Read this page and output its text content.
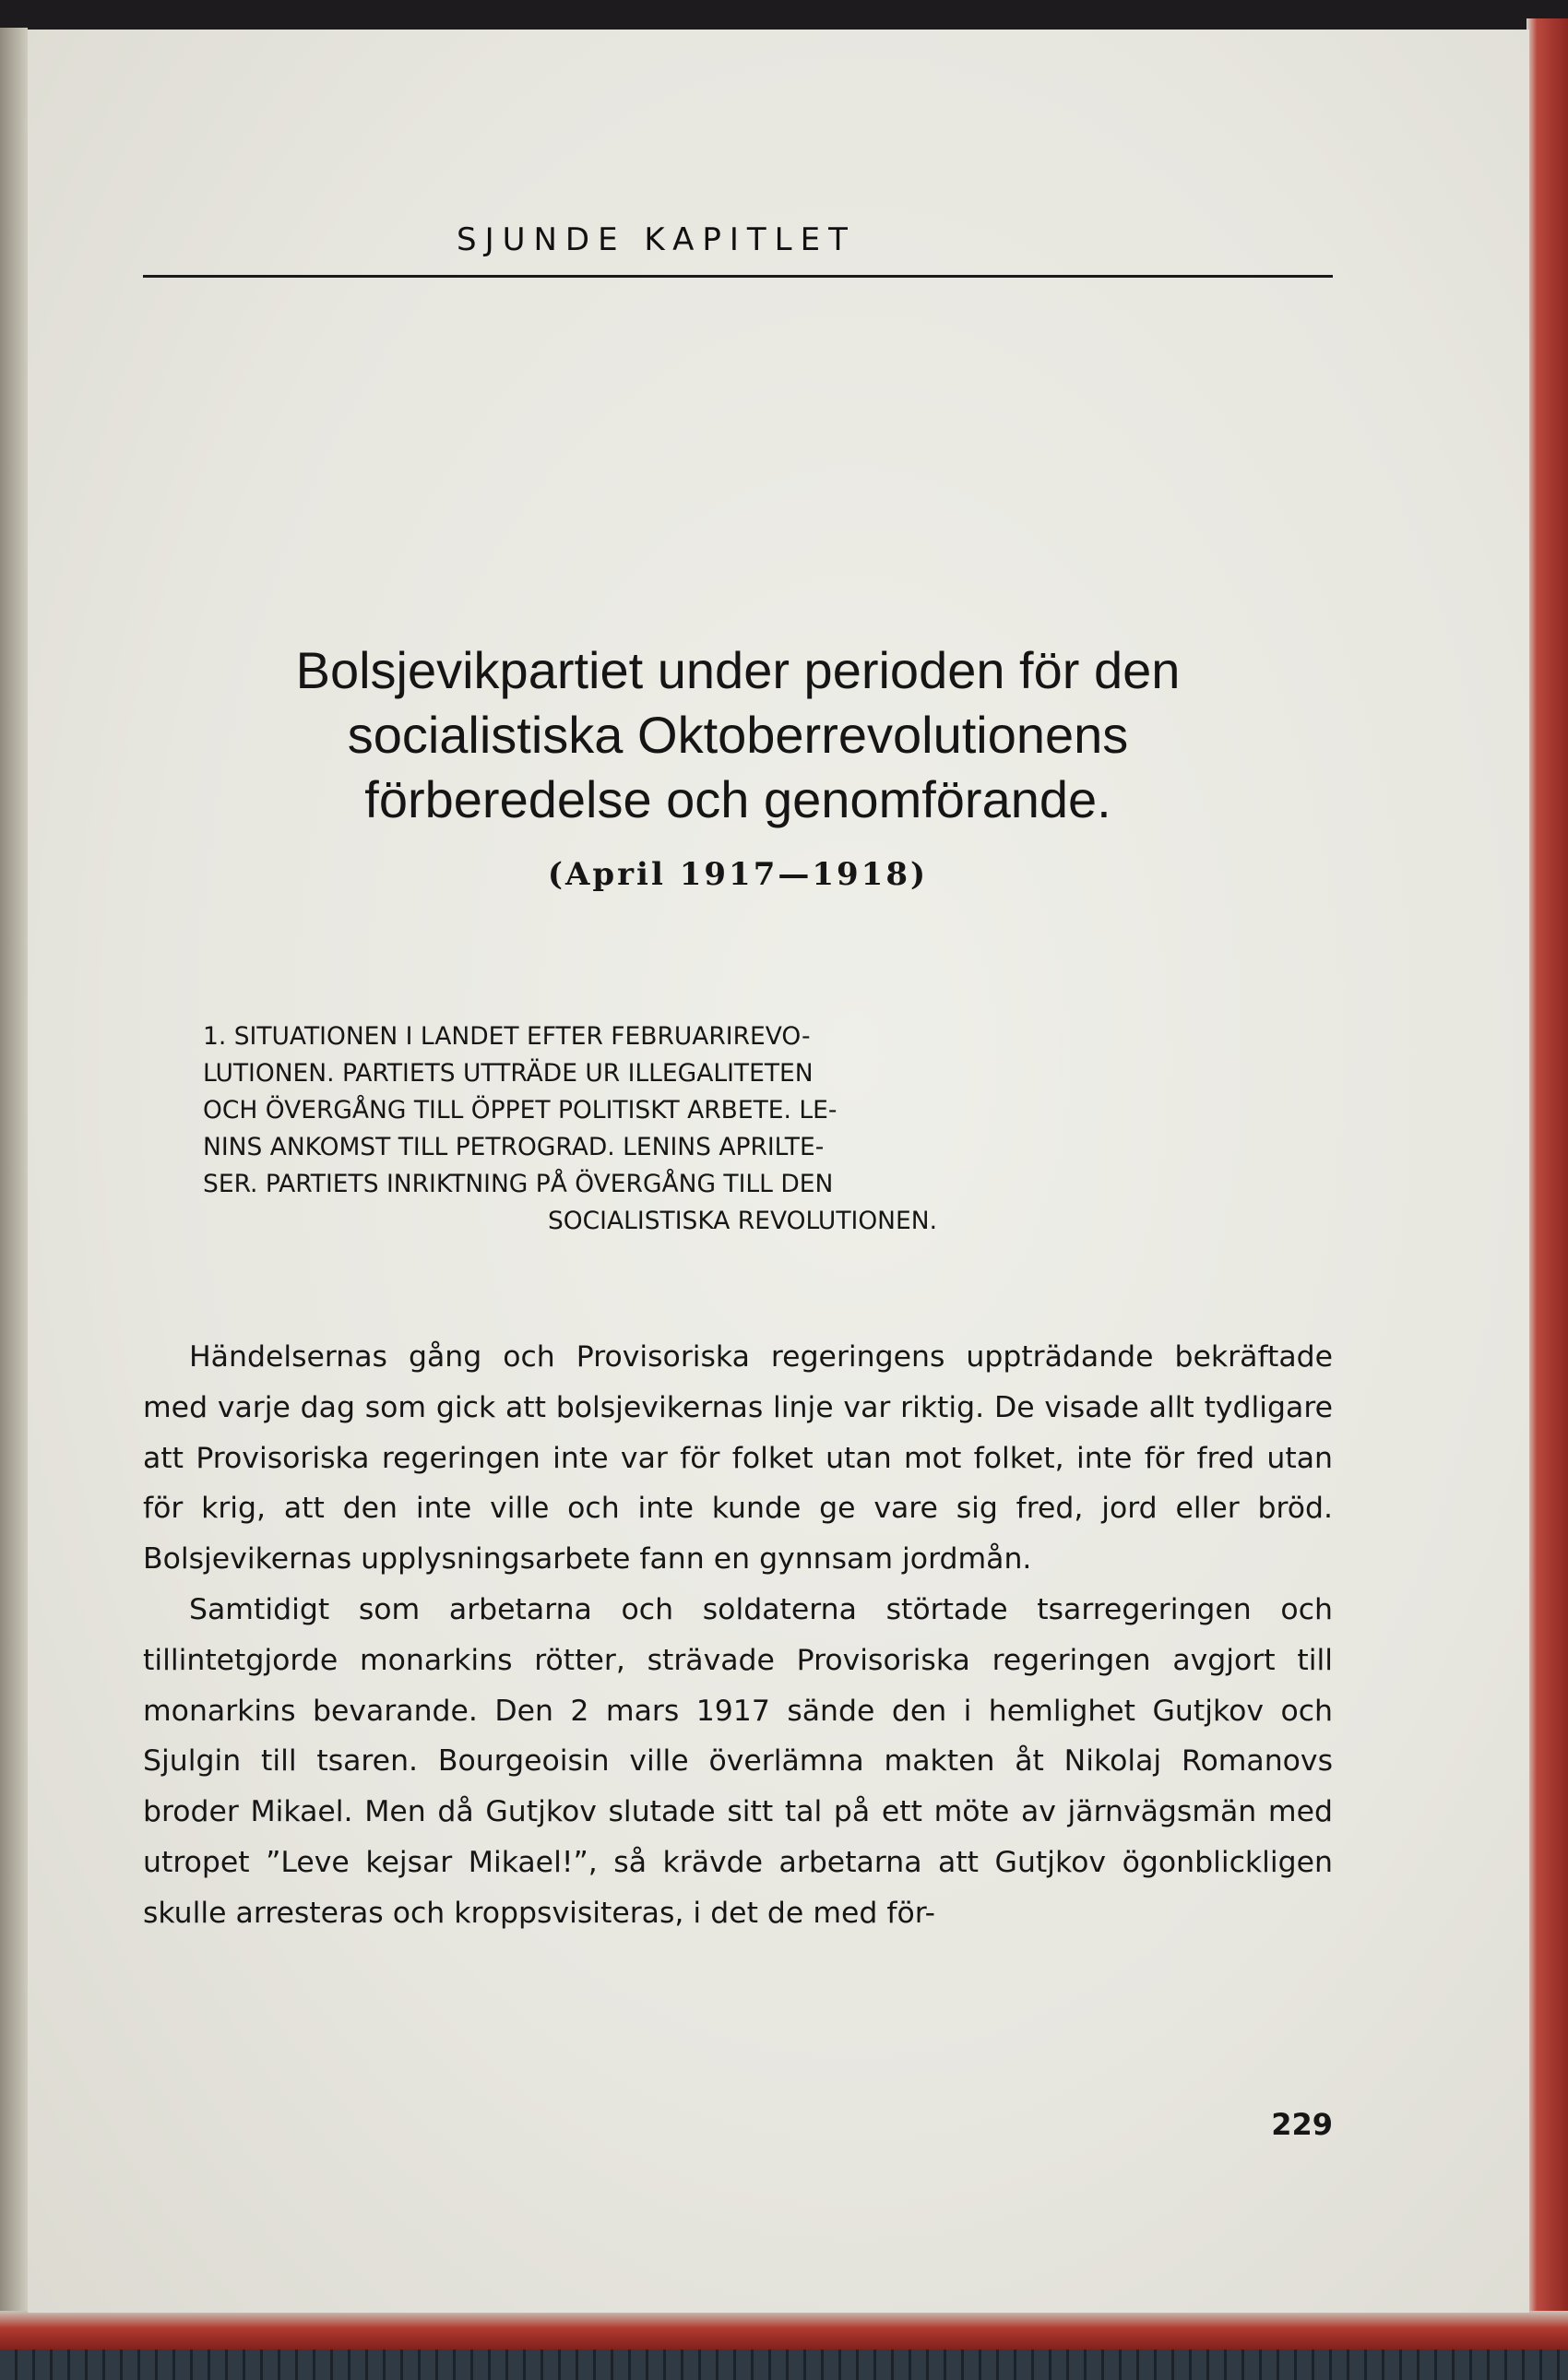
SJUNDE KAPITLET
Bolsjevikpartiet under perioden för den
socialistiska Oktoberrevolutionens
förberedelse och genomförande.
(April 1917—1918)

1. SITUATIONEN I LANDET EFTER FEBRUARIREVO-

LUTIONEN. PARTIETS UTTRÄDE UR ILLEGALITETEN

OCH ÖVERGÅNG TILL ÖPPET POLITISKT ARBETE. LE-

NINS ANKOMST TILL PETROGRAD. LENINS APRILTE-

SER. PARTIETS INRIKTNING PÅ ÖVERGÅNG TILL DEN

SOCIALISTISKA REVOLUTIONEN.

Händelsernas gång och Provisoriska regeringens uppträdande bekräftade med varje dag som gick att bolsjevikernas linje var riktig. De visade allt tydligare att Provisoriska regeringen inte var för folket utan mot folket, inte för fred utan för krig, att den inte ville och inte kunde ge vare sig fred, jord eller bröd. Bolsjevikernas upplysningsarbete fann en gynnsam jordmån.

Samtidigt som arbetarna och soldaterna störtade tsarregeringen och tillintetgjorde monarkins rötter, strävade Provisoriska regeringen avgjort till monarkins bevarande. Den 2 mars 1917 sände den i hemlighet Gutjkov och Sjulgin till tsaren. Bourgeoisin ville överlämna makten åt Nikolaj Romanovs broder Mikael. Men då Gutjkov slutade sitt tal på ett möte av järnvägsmän med utropet ”Leve kejsar Mikael!”, så krävde arbetarna att Gutjkov ögonblickligen skulle arresteras och kroppsvisiteras, i det de med för-

229
